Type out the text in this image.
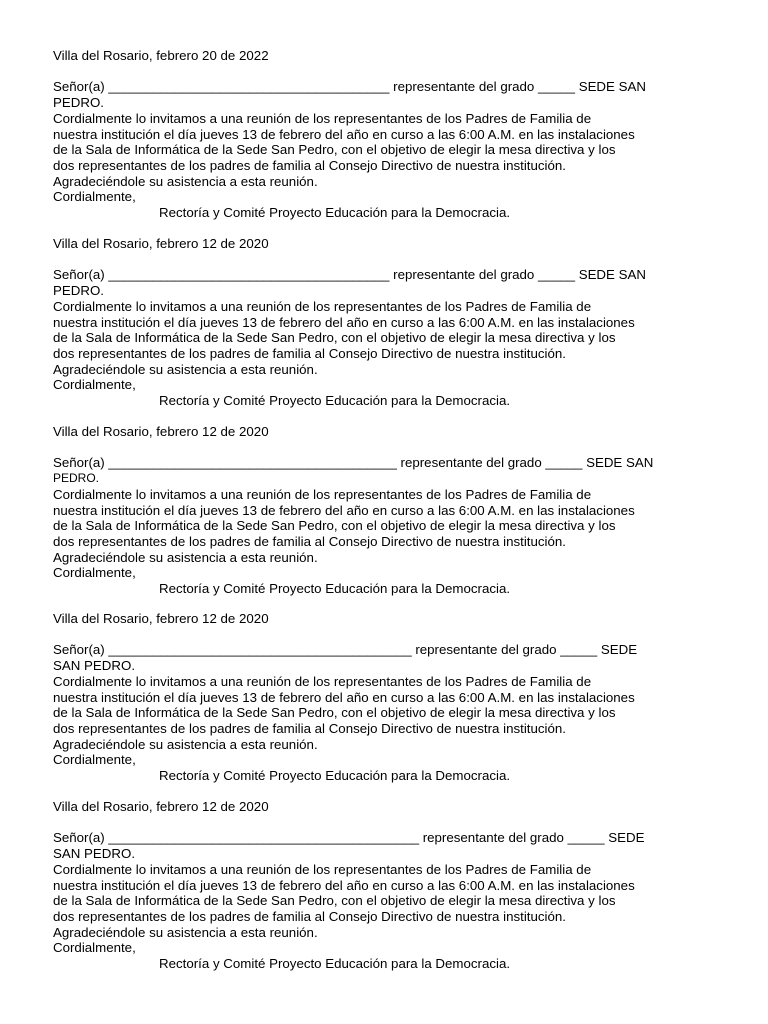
Villa del Rosario, febrero 20 de 2022
Señor(a) ______________________________________ representante del grado _____ SEDE SAN
PEDRO.
Cordialmente lo invitamos a una reunión de los representantes de los Padres de Familia de
nuestra institución el día jueves 13 de febrero del año en curso a las 6:00 A.M. en las instalaciones
de la Sala de Informática de la Sede San Pedro, con el objetivo de elegir la mesa directiva y los
dos representantes de los padres de familia al Consejo Directivo de nuestra institución.
Agradeciéndole su asistencia a esta reunión.
Cordialmente,
Rectoría y Comité Proyecto Educación para la Democracia.
Villa del Rosario, febrero 12 de 2020
Señor(a) ______________________________________ representante del grado _____ SEDE SAN
PEDRO.
Cordialmente lo invitamos a una reunión de los representantes de los Padres de Familia de
nuestra institución el día jueves 13 de febrero del año en curso a las 6:00 A.M. en las instalaciones
de la Sala de Informática de la Sede San Pedro, con el objetivo de elegir la mesa directiva y los
dos representantes de los padres de familia al Consejo Directivo de nuestra institución.
Agradeciéndole su asistencia a esta reunión.
Cordialmente,
Rectoría y Comité Proyecto Educación para la Democracia.
Villa del Rosario, febrero 12 de 2020
Señor(a) _______________________________________ representante del grado _____ SEDE SAN
PEDRO.
Cordialmente lo invitamos a una reunión de los representantes de los Padres de Familia de
nuestra institución el día jueves 13 de febrero del año en curso a las 6:00 A.M. en las instalaciones
de la Sala de Informática de la Sede San Pedro, con el objetivo de elegir la mesa directiva y los
dos representantes de los padres de familia al Consejo Directivo de nuestra institución.
Agradeciéndole su asistencia a esta reunión.
Cordialmente,
Rectoría y Comité Proyecto Educación para la Democracia.
Villa del Rosario, febrero 12 de 2020
Señor(a) _________________________________________ representante del grado _____ SEDE
SAN PEDRO.
Cordialmente lo invitamos a una reunión de los representantes de los Padres de Familia de
nuestra institución el día jueves 13 de febrero del año en curso a las 6:00 A.M. en las instalaciones
de la Sala de Informática de la Sede San Pedro, con el objetivo de elegir la mesa directiva y los
dos representantes de los padres de familia al Consejo Directivo de nuestra institución.
Agradeciéndole su asistencia a esta reunión.
Cordialmente,
Rectoría y Comité Proyecto Educación para la Democracia.
Villa del Rosario, febrero 12 de 2020
Señor(a) __________________________________________ representante del grado _____ SEDE
SAN PEDRO.
Cordialmente lo invitamos a una reunión de los representantes de los Padres de Familia de
nuestra institución el día jueves 13 de febrero del año en curso a las 6:00 A.M. en las instalaciones
de la Sala de Informática de la Sede San Pedro, con el objetivo de elegir la mesa directiva y los
dos representantes de los padres de familia al Consejo Directivo de nuestra institución.
Agradeciéndole su asistencia a esta reunión.
Cordialmente,
Rectoría y Comité Proyecto Educación para la Democracia.
